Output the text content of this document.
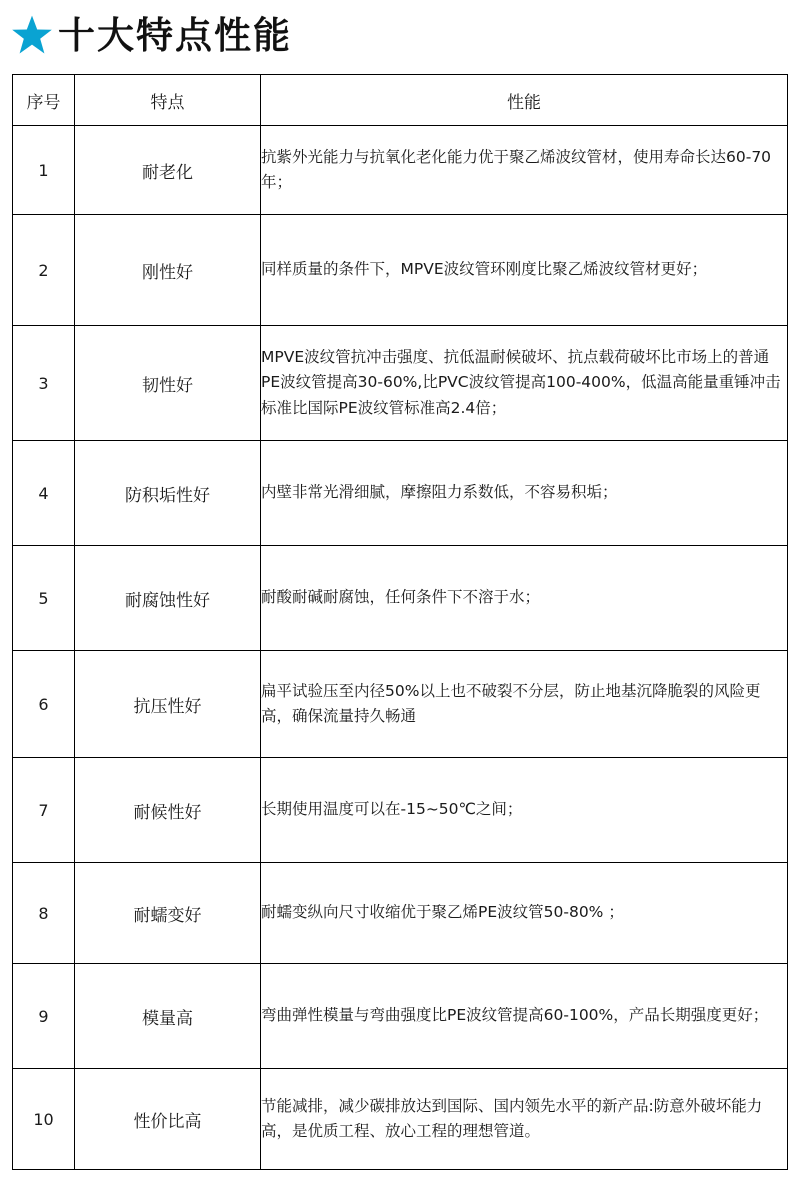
十大特点性能
序号	特点	性能
1	耐老化	抗紫外光能力与抗氧化老化能力优于聚乙烯波纹管材，使用寿命长达60-70年；
2	刚性好	同样质量的条件下，MPVE波纹管环刚度比聚乙烯波纹管材更好；
3	韧性好	MPVE波纹管抗冲击强度、抗低温耐候破坏、抗点载荷破坏比市场上的普通PE波纹管提高30-60%,比PVC波纹管提高100-400%，低温高能量重锤冲击标准比国际PE波纹管标准高2.4倍；
4	防积垢性好	内壁非常光滑细腻，摩擦阻力系数低，不容易积垢；
5	耐腐蚀性好	耐酸耐碱耐腐蚀，任何条件下不溶于水；
6	抗压性好	扁平试验压至内径50%以上也不破裂不分层，防止地基沉降脆裂的风险更高，确保流量持久畅通
7	耐候性好	长期使用温度可以在-15~50℃之间；
8	耐蠕变好	耐蠕变纵向尺寸收缩优于聚乙烯PE波纹管50-80% ；
9	模量高	弯曲弹性模量与弯曲强度比PE波纹管提高60-100%，产品长期强度更好；
10	性价比高	节能减排，减少碳排放达到国际、国内领先水平的新产品:防意外破坏能力高，是优质工程、放心工程的理想管道。
